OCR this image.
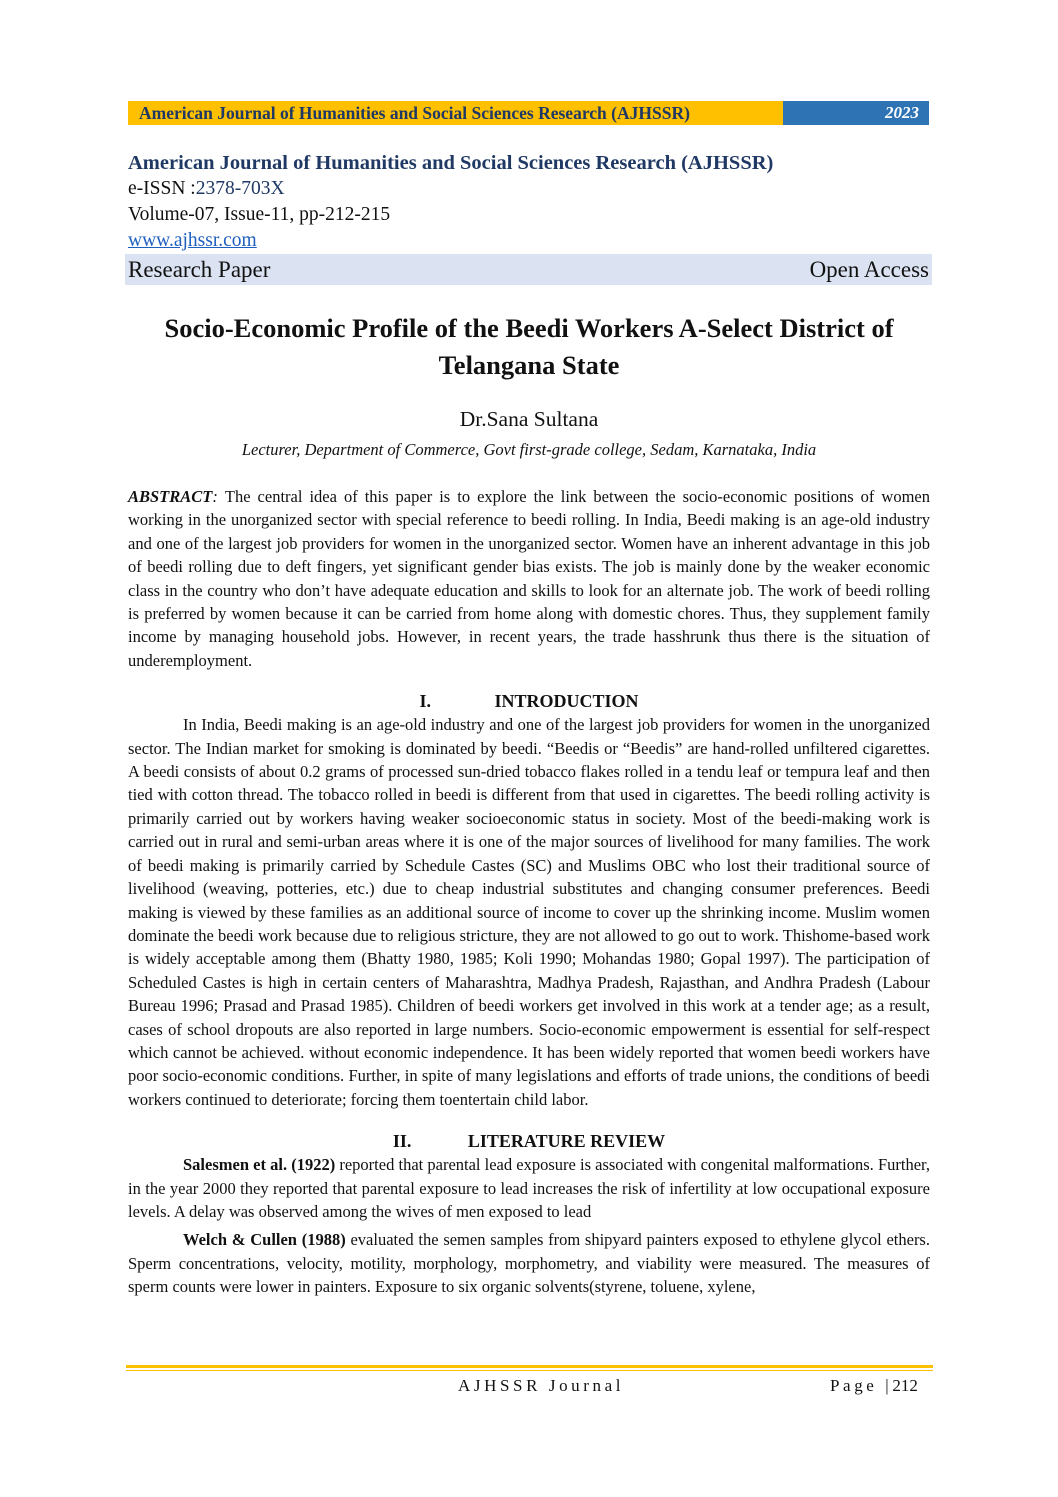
American Journal of Humanities and Social Sciences Research (AJHSSR)	2023
American Journal of Humanities and Social Sciences Research (AJHSSR)
e-ISSN :2378-703X
Volume-07, Issue-11, pp-212-215
www.ajhssr.com
Research Paper	Open Access
Socio-Economic Profile of the Beedi Workers A-Select District of Telangana State
Dr.Sana Sultana
Lecturer, Department of Commerce, Govt first-grade college, Sedam, Karnataka, India

ABSTRACT: The central idea of this paper is to explore the link between the socio-economic positions of women working in the unorganized sector with special reference to beedi rolling. In India, Beedi making is an age-old industry and one of the largest job providers for women in the unorganized sector. Women have an inherent advantage in this job of beedi rolling due to deft fingers, yet significant gender bias exists. The job is mainly done by the weaker economic class in the country who don’t have adequate education and skills to look for an alternate job. The work of beedi rolling is preferred by women because it can be carried from home along with domestic chores. Thus, they supplement family income by managing household jobs. However, in recent years, the trade hasshrunk thus there is the situation of underemployment.

I.	INTRODUCTION

In India, Beedi making is an age-old industry and one of the largest job providers for women in the unorganized sector. The Indian market for smoking is dominated by beedi. “Beedis or “Beedis” are hand-rolled unfiltered cigarettes. A beedi consists of about 0.2 grams of processed sun-dried tobacco flakes rolled in a tendu leaf or tempura leaf and then tied with cotton thread. The tobacco rolled in beedi is different from that used in cigarettes. The beedi rolling activity is primarily carried out by workers having weaker socioeconomic status in society. Most of the beedi-making work is carried out in rural and semi-urban areas where it is one of the major sources of livelihood for many families. The work of beedi making is primarily carried by Schedule Castes (SC) and Muslims OBC who lost their traditional source of livelihood (weaving, potteries, etc.) due to cheap industrial substitutes and changing consumer preferences. Beedi making is viewed by these families as an additional source of income to cover up the shrinking income. Muslim women dominate the beedi work because due to religious stricture, they are not allowed to go out to work. Thishome-based work is widely acceptable among them (Bhatty 1980, 1985; Koli 1990; Mohandas 1980; Gopal 1997). The participation of Scheduled Castes is high in certain centers of Maharashtra, Madhya Pradesh, Rajasthan, and Andhra Pradesh (Labour Bureau 1996; Prasad and Prasad 1985). Children of beedi workers get involved in this work at a tender age; as a result, cases of school dropouts are also reported in large numbers. Socio-economic empowerment is essential for self-respect which cannot be achieved. without economic independence. It has been widely reported that women beedi workers have poor socio-economic conditions. Further, in spite of many legislations and efforts of trade unions, the conditions of beedi workers continued to deteriorate; forcing them toentertain child labor.

II.	LITERATURE REVIEW

Salesmen et al. (1922) reported that parental lead exposure is associated with congenital malformations. Further, in the year 2000 they reported that parental exposure to lead increases the risk of infertility at low occupational exposure levels. A delay was observed among the wives of men exposed to lead

Welch & Cullen (1988) evaluated the semen samples from shipyard painters exposed to ethylene glycol ethers. Sperm concentrations, velocity, motility, morphology, morphometry, and viability were measured. The measures of sperm counts were lower in painters. Exposure to six organic solvents(styrene, toluene, xylene,

AJHSSR Journal	Page |212
